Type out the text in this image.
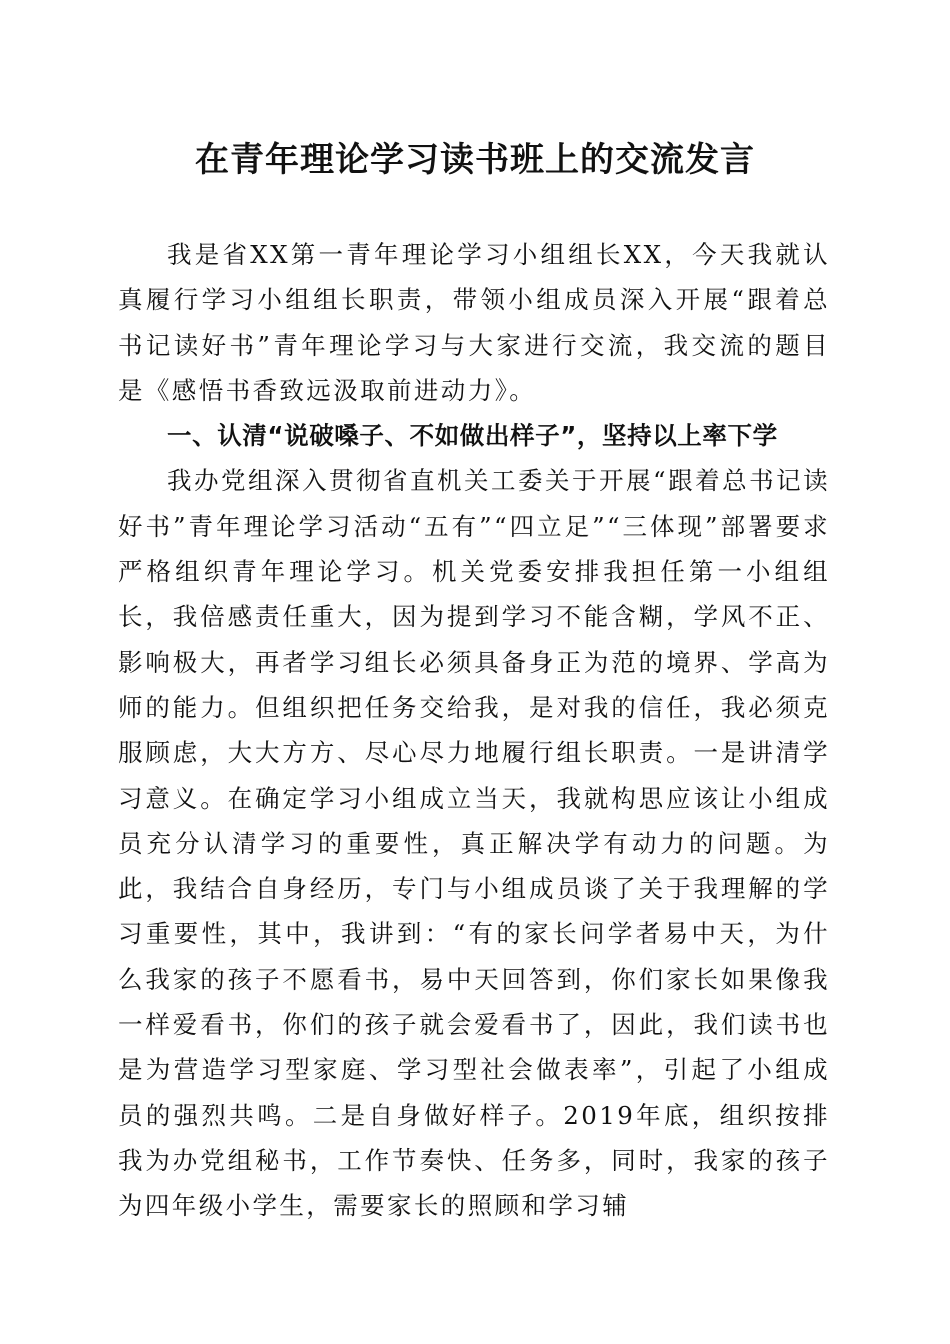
在青年理论学习读书班上的交流发言

我是省XX第一青年理论学习小组组长XX，今天我就认真履行学习小组组长职责，带领小组成员深入开展“跟着总书记读好书”青年理论学习与大家进行交流，我交流的题目是《感悟书香致远汲取前进动力》。

一、认清“说破嗓子、不如做出样子”，坚持以上率下学

我办党组深入贯彻省直机关工委关于开展“跟着总书记读好书”青年理论学习活动“五有”“四立足”“三体现”部署要求严格组织青年理论学习。机关党委安排我担任第一小组组长，我倍感责任重大，因为提到学习不能含糊，学风不正、影响极大，再者学习组长必须具备身正为范的境界、学高为师的能力。但组织把任务交给我，是对我的信任，我必须克服顾虑，大大方方、尽心尽力地履行组长职责。一是讲清学习意义。在确定学习小组成立当天，我就构思应该让小组成员充分认清学习的重要性，真正解决学有动力的问题。为此，我结合自身经历，专门与小组成员谈了关于我理解的学习重要性，其中，我讲到：“有的家长问学者易中天，为什么我家的孩子不愿看书，易中天回答到，你们家长如果像我一样爱看书，你们的孩子就会爱看书了，因此，我们读书也是为营造学习型家庭、学习型社会做表率”，引起了小组成员的强烈共鸣。二是自身做好样子。2019年底，组织按排我为办党组秘书，工作节奏快、任务多，同时，我家的孩子为四年级小学生，需要家长的照顾和学习辅
